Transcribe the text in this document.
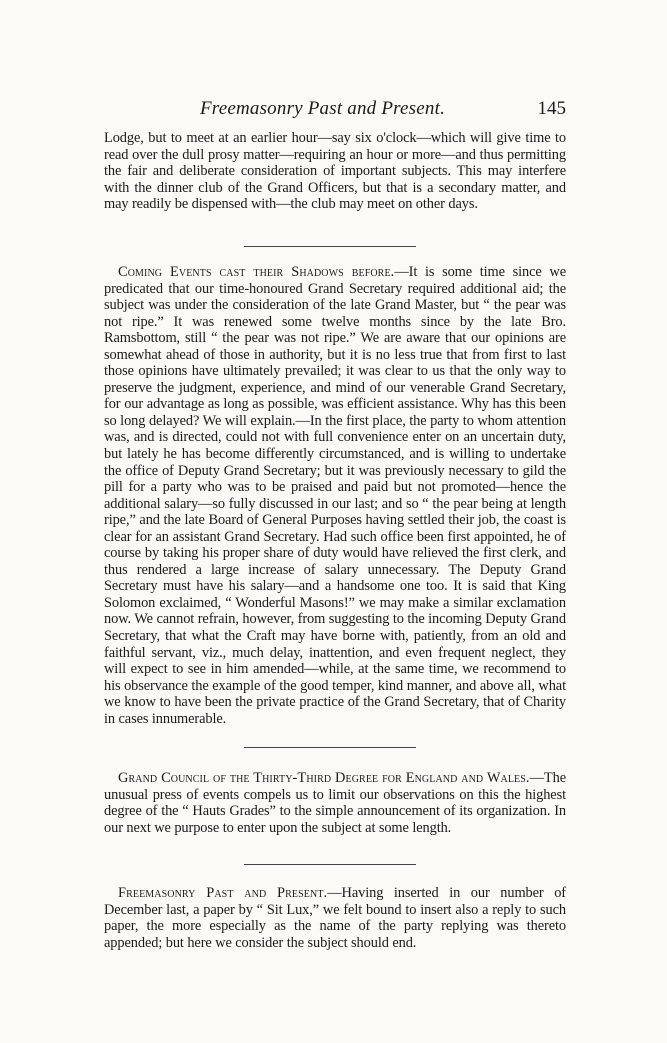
Freemasonry Past and Present.	145

Lodge, but to meet at an earlier hour—say six o'clock—which will give time to read over the dull prosy matter—requiring an hour or more—and thus permitting the fair and deliberate consideration of important subjects. This may interfere with the dinner club of the Grand Officers, but that is a secondary matter, and may readily be dispensed with—the club may meet on other days.

Coming Events cast their Shadows before.—It is some time since we predicated that our time-honoured Grand Secretary required additional aid; the subject was under the consideration of the late Grand Master, but “ the pear was not ripe.” It was renewed some twelve months since by the late Bro. Ramsbottom, still “ the pear was not ripe.” We are aware that our opinions are somewhat ahead of those in authority, but it is no less true that from first to last those opinions have ultimately prevailed; it was clear to us that the only way to preserve the judgment, experience, and mind of our venerable Grand Secretary, for our advantage as long as possible, was efficient assistance. Why has this been so long delayed? We will explain.—In the first place, the party to whom attention was, and is directed, could not with full convenience enter on an uncertain duty, but lately he has become differently circumstanced, and is willing to undertake the office of Deputy Grand Secretary; but it was previously necessary to gild the pill for a party who was to be praised and paid but not promoted—hence the additional salary—so fully discussed in our last; and so “ the pear being at length ripe,” and the late Board of General Purposes having settled their job, the coast is clear for an assistant Grand Secretary. Had such office been first appointed, he of course by taking his proper share of duty would have relieved the first clerk, and thus rendered a large increase of salary unnecessary. The Deputy Grand Secretary must have his salary—and a handsome one too. It is said that King Solomon exclaimed, “ Wonderful Masons!” we may make a similar exclamation now. We cannot refrain, however, from suggesting to the incoming Deputy Grand Secretary, that what the Craft may have borne with, patiently, from an old and faithful servant, viz., much delay, inattention, and even frequent neglect, they will expect to see in him amended—while, at the same time, we recommend to his observance the example of the good temper, kind manner, and above all, what we know to have been the private practice of the Grand Secretary, that of Charity in cases innumerable.

Grand Council of the Thirty-Third Degree for England and Wales.—The unusual press of events compels us to limit our observations on this the highest degree of the “ Hauts Grades” to the simple announcement of its organization. In our next we purpose to enter upon the subject at some length.

Freemasonry Past and Present.—Having inserted in our number of December last, a paper by “ Sit Lux,” we felt bound to insert also a reply to such paper, the more especially as the name of the party replying was thereto appended; but here we consider the subject should end.
